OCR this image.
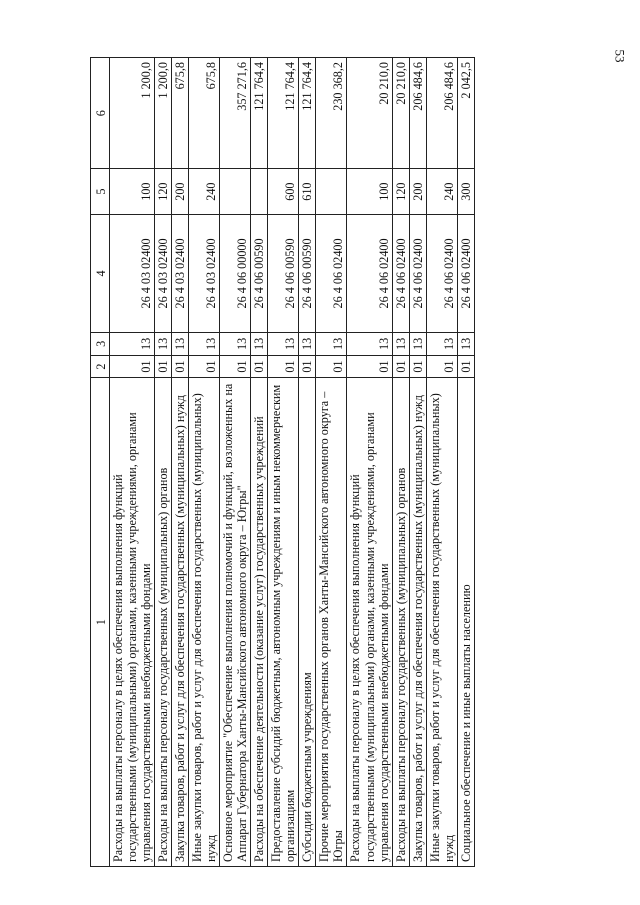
53
1	2	3	4	5	6
Расходы на выплаты персоналу в целях обеспечения выполнения функций государственными (муниципальными) органами, казенными учреждениями, органами управления государственными внебюджетными фондами	01	13	26 4 03 02400	100	1 200,0
Расходы на выплаты персоналу государственных (муниципальных) органов	01	13	26 4 03 02400	120	1 200,0
Закупка товаров, работ и услуг для обеспечения государственных (муниципальных) нужд	01	13	26 4 03 02400	200	675,8
Иные закупки товаров, работ и услуг для обеспечения государственных (муниципальных) нужд	01	13	26 4 03 02400	240	675,8
Основное мероприятие "Обеспечение выполнения полномочий и функций, возложенных на Аппарат Губернатора Ханты-Мансийского автономного округа – Югры"	01	13	26 4 06 00000		357 271,6
Расходы на обеспечение деятельности (оказание услуг) государственных учреждений	01	13	26 4 06 00590		121 764,4
Предоставление субсидий бюджетным, автономным учреждениям и иным некоммерческим организациям	01	13	26 4 06 00590	600	121 764,4
Субсидии бюджетным учреждениям	01	13	26 4 06 00590	610	121 764,4
Прочие мероприятия государственных органов Ханты-Мансийского автономного округа – Югры	01	13	26 4 06 02400		230 368,2
Расходы на выплаты персоналу в целях обеспечения выполнения функций государственными (муниципальными) органами, казенными учреждениями, органами управления государственными внебюджетными фондами	01	13	26 4 06 02400	100	20 210,0
Расходы на выплаты персоналу государственных (муниципальных) органов	01	13	26 4 06 02400	120	20 210,0
Закупка товаров, работ и услуг для обеспечения государственных (муниципальных) нужд	01	13	26 4 06 02400	200	206 484,6
Иные закупки товаров, работ и услуг для обеспечения государственных (муниципальных) нужд	01	13	26 4 06 02400	240	206 484,6
Социальное обеспечение и иные выплаты населению	01	13	26 4 06 02400	300	2 042,5
